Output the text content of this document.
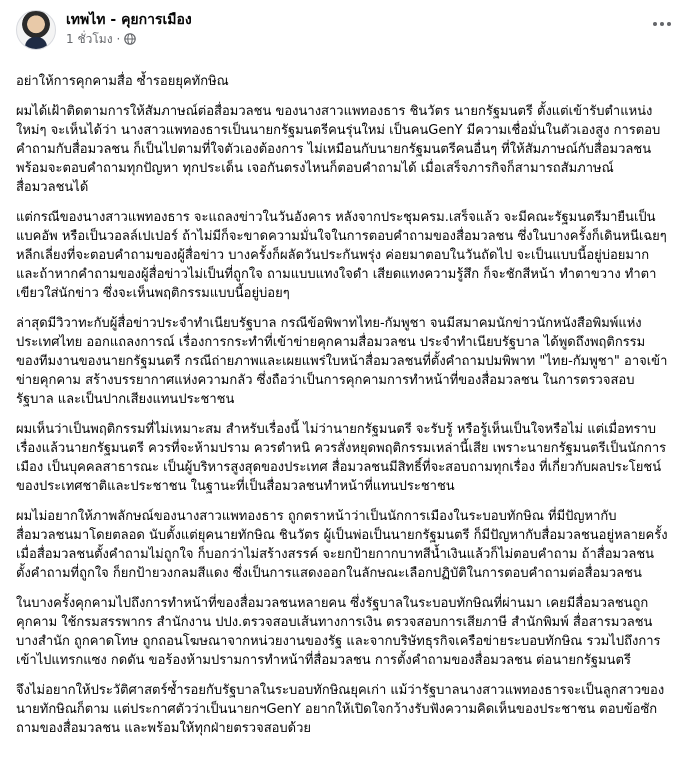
เทพไท - คุยการเมือง
1 ชั่วโมง ·

อย่าให้การคุกคามสื่อ ซ้ำรอยยุคทักษิณ

ผมได้เฝ้าติดตามการให้สัมภาษณ์ต่อสื่อมวลชน ของนางสาวแพทองธาร ชินวัตร นายกรัฐมนตรี ตั้งแต่เข้ารับตำแหน่งใหม่ๆ จะเห็นได้ว่า นางสาวแพทองธารเป็นนายกรัฐมนตรีคนรุ่นใหม่ เป็นคนGenY มีความเชื่อมั่นในตัวเองสูง การตอบคำถามกับสื่อมวลชน ก็เป็นไปตามที่ใจตัวเองต้องการ ไม่เหมือนกับนายกรัฐมนตรีคนอื่นๆ ที่ให้สัมภาษณ์กับสื่อมวลชน พร้อมจะตอบคำถามทุกปัญหา ทุกประเด็น เจอกันตรงไหนก็ตอบคำถามได้ เมื่อเสร็จภารกิจก็สามารถสัมภาษณ์สื่อมวลชนได้

แต่กรณีของนางสาวแพทองธาร จะแถลงข่าวในวันอังคาร หลังจากประชุมครม.เสร็จแล้ว จะมีคณะรัฐมนตรีมายืนเป็นแบคอัพ หรือเป็นวอลล์เปเปอร์ ถ้าไม่มีก็จะขาดความมั่นใจในการตอบคำถามของสื่อมวลชน ซึ่งในบางครั้งก็เดินหนีเฉยๆ หลีกเลี่ยงที่จะตอบคำถามของผู้สื่อข่าว บางครั้งก็ผลัดวันประกันพรุ่ง ค่อยมาตอบในวันถัดไป จะเป็นแบบนี้อยู่บ่อยมาก และถ้าหากคำถามของผู้สื่อข่าวไม่เป็นที่ถูกใจ ถามแบบแทงใจดำ เสียดแทงความรู้สึก ก็จะชักสีหน้า ทำตาขวาง ทำตาเขียวใส่นักข่าว ซึ่งจะเห็นพฤติกรรมแบบนี้อยู่บ่อยๆ

ล่าสุดมีวิวาทะกับผู้สื่อข่าวประจำทำเนียบรัฐบาล กรณีข้อพิพาทไทย-กัมพูชา จนมีสมาคมนักข่าวนักหนังสือพิมพ์แห่งประเทศไทย ออกแถลงการณ์ เรื่องการกระทำที่เข้าข่ายคุกคามสื่อมวลชน ประจำทำเนียบรัฐบาล ได้พูดถึงพฤติกรรมของทีมงานของนายกรัฐมนตรี กรณีถ่ายภาพและเผยแพร่ใบหน้าสื่อมวลชนที่ตั้งคำถามปมพิพาท "ไทย-กัมพูชา" อาจเข้าข่ายคุกคาม สร้างบรรยากาศแห่งความกลัว ซึ่งถือว่าเป็นการคุกคามการทำหน้าที่ของสื่อมวลชน ในการตรวจสอบรัฐบาล และเป็นปากเสียงแทนประชาชน

ผมเห็นว่าเป็นพฤติกรรมที่ไม่เหมาะสม สำหรับเรื่องนี้ ไม่ว่านายกรัฐมนตรี จะรับรู้ หรือรู้เห็นเป็นใจหรือไม่ แต่เมื่อทราบเรื่องแล้วนายกรัฐมนตรี ควรที่จะห้ามปราม ควรตำหนิ ควรสั่งหยุดพฤติกรรมเหล่านี้เสีย เพราะนายกรัฐมนตรีเป็นนักการเมือง เป็นบุคคลสาธารณะ เป็นผู้บริหารสูงสุดของประเทศ สื่อมวลชนมีสิทธิ์ที่จะสอบถามทุกเรื่อง ที่เกี่ยวกับผลประโยชน์ของประเทศชาติและประชาชน ในฐานะที่เป็นสื่อมวลชนทำหน้าที่แทนประชาชน

ผมไม่อยากให้ภาพลักษณ์ของนางสาวแพทองธาร ถูกตราหน้าว่าเป็นนักการเมืองในระบอบทักษิณ ที่มีปัญหากับสื่อมวลชนมาโดยตลอด นับตั้งแต่ยุคนายทักษิณ ชินวัตร ผู้เป็นพ่อเป็นนายกรัฐมนตรี ก็มีปัญหากับสื่อมวลชนอยู่หลายครั้ง เมื่อสื่อมวลชนตั้งคำถามไม่ถูกใจ ก็บอกว่าไม่สร้างสรรค์ จะยกป้ายกากบาทสีน้ำเงินแล้วก็ไม่ตอบคำถาม ถ้าสื่อมวลชนตั้งคำถามที่ถูกใจ ก็ยกป้ายวงกลมสีแดง ซึ่งเป็นการแสดงออกในลักษณะเลือกปฏิบัติในการตอบคำถามต่อสื่อมวลชน

ในบางครั้งคุกคามไปถึงการทำหน้าที่ของสื่อมวลชนหลายคน ซึ่งรัฐบาลในระบอบทักษิณที่ผ่านมา เคยมีสื่อมวลชนถูกคุกคาม ใช้กรมสรรพากร สำนักงาน ปปง.ตรวจสอบเส้นทางการเงิน ตรวจสอบการเสียภาษี สำนักพิมพ์ สื่อสารมวลชนบางสำนัก ถูกคาดโทษ ถูกถอนโฆษณาจากหน่วยงานของรัฐ และจากบริษัทธุรกิจเครือข่ายระบอบทักษิณ รวมไปถึงการเข้าไปแทรกแซง กดดัน ขอร้องห้ามปรามการทำหน้าที่สื่อมวลชน การตั้งคำถามของสื่อมวลชน ต่อนายกรัฐมนตรี

จึงไม่อยากให้ประวัติศาสตร์ซ้ำรอยกับรัฐบาลในระบอบทักษิณยุคเก่า แม้ว่ารัฐบาลนางสาวแพทองธารจะเป็นลูกสาวของนายทักษิณก็ตาม แต่ประกาศตัวว่าเป็นนายกฯGenY อยากให้เปิดใจกว้างรับฟังความคิดเห็นของประชาชน ตอบข้อซักถามของสื่อมวลชน และพร้อมให้ทุกฝ่ายตรวจสอบด้วย
